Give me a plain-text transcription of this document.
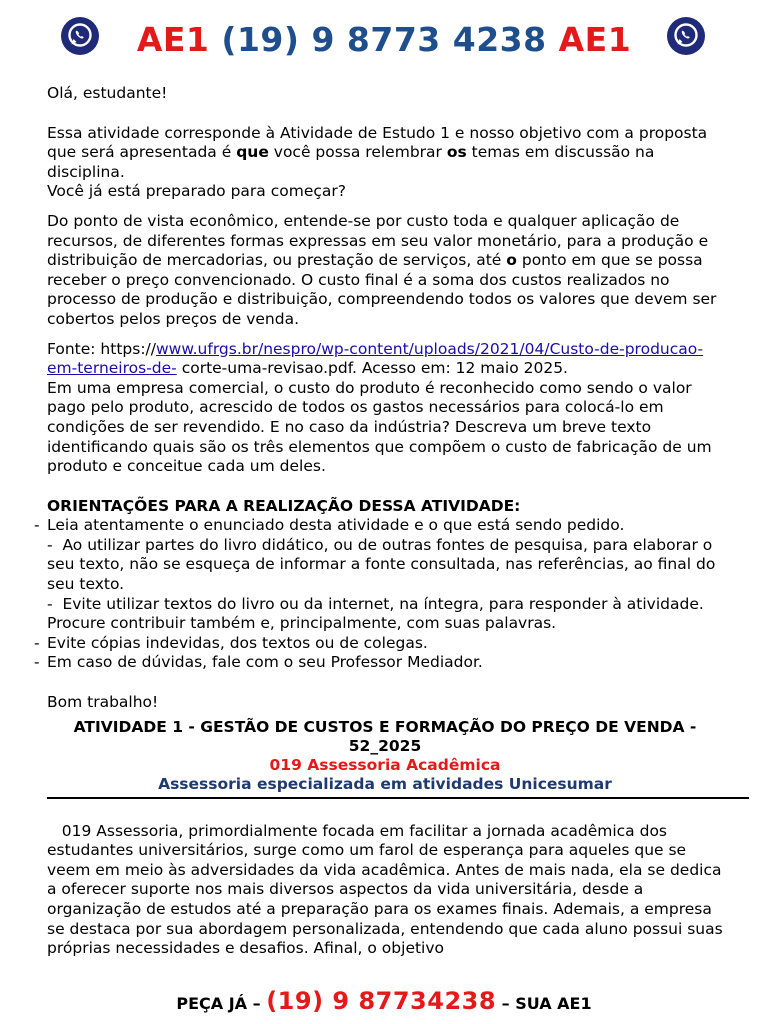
AE1 (19) 9 8773 4238 AE1

Olá, estudante!

Essa atividade corresponde à Atividade de Estudo 1 e nosso objetivo com a proposta que será apresentada é que você possa relembrar os temas em discussão na disciplina.

Você já está preparado para começar?

Do ponto de vista econômico, entende-se por custo toda e qualquer aplicação de recursos, de diferentes formas expressas em seu valor monetário, para a produção e distribuição de mercadorias, ou prestação de serviços, até o ponto em que se possa receber o preço convencionado. O custo final é a soma dos custos realizados no processo de produção e distribuição, compreendendo todos os valores que devem ser cobertos pelos preços de venda.

Fonte: https://www.ufrgs.br/nespro/wp-content/uploads/2021/04/Custo-de-producao-em-terneiros-de- corte-uma-revisao.pdf. Acesso em: 12 maio 2025.

Em uma empresa comercial, o custo do produto é reconhecido como sendo o valor pago pelo produto, acrescido de todos os gastos necessários para colocá-lo em condições de ser revendido. E no caso da indústria? Descreva um breve texto identificando quais são os três elementos que compõem o custo de fabricação de um produto e conceitue cada um deles.

ORIENTAÇÕES PARA A REALIZAÇÃO DESSA ATIVIDADE:

- Leia atentamente o enunciado desta atividade e o que está sendo pedido.

-  Ao utilizar partes do livro didático, ou de outras fontes de pesquisa, para elaborar o seu texto, não se esqueça de informar a fonte consultada, nas referências, ao final do seu texto.

-  Evite utilizar textos do livro ou da internet, na íntegra, para responder à atividade. Procure contribuir também e, principalmente, com suas palavras.

- Evite cópias indevidas, dos textos ou de colegas.

- Em caso de dúvidas, fale com o seu Professor Mediador.

Bom trabalho!

ATIVIDADE 1 - GESTÃO DE CUSTOS E FORMAÇÃO DO PREÇO DE VENDA - 52_2025
019 Assessoria Acadêmica
Assessoria especializada em atividades Unicesumar

019 Assessoria, primordialmente focada em facilitar a jornada acadêmica dos estudantes universitários, surge como um farol de esperança para aqueles que se veem em meio às adversidades da vida acadêmica. Antes de mais nada, ela se dedica a oferecer suporte nos mais diversos aspectos da vida universitária, desde a organização de estudos até a preparação para os exames finais. Ademais, a empresa se destaca por sua abordagem personalizada, entendendo que cada aluno possui suas próprias necessidades e desafios. Afinal, o objetivo

PEÇA JÁ – (19) 9 87734238 – SUA AE1
